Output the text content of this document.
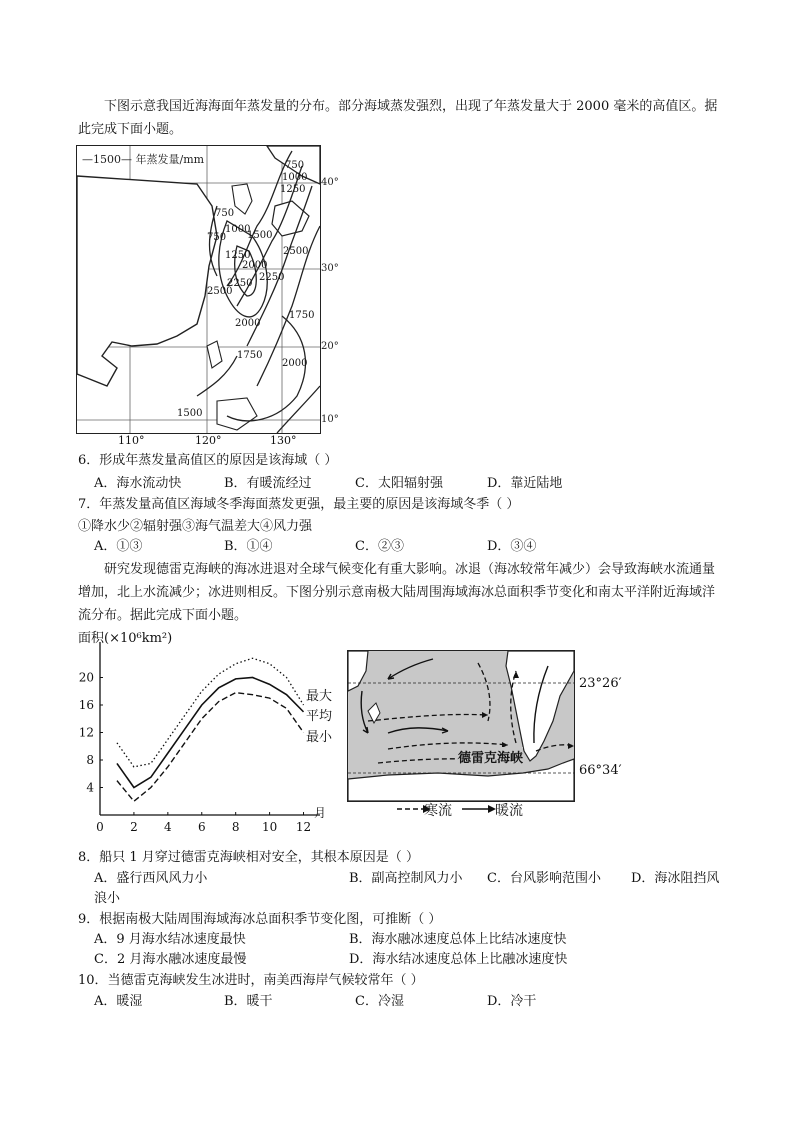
下图示意我国近海海面年蒸发量的分布。部分海域蒸发强烈，出现了年蒸发量大于 2000 毫米的高值区。据此完成下面小题。
—1500— 年蒸发量/mm
40°
30°
20°
10°
750
1000
1250
750
1000
750 1500
1250
2000
2250
2500
2250
2500
2000
1750
1750
2000
1500
110°	120°	130°
6．形成年蒸发量高值区的原因是该海域（ ）
A．海水流动快	B．有暖流经过	C．太阳辐射强	D．靠近陆地
7．年蒸发量高值区海域冬季海面蒸发更强，最主要的原因是该海域冬季（ ）
①降水少②辐射强③海气温差大④风力强
A．①③	B．①④	C．②③	D．③④
研究发现德雷克海峡的海冰进退对全球气候变化有重大影响。冰退（海冰较常年减少）会导致海峡水流通量增加，北上水流减少；冰进则相反。下图分别示意南极大陆周围海域海冰总面积季节变化和南太平洋附近海域洋流分布。据此完成下面小题。
面积(×10⁶km²)
0 2 4 6 8 10 12
4
8
12
16
20
最大
平均
最小
月
德雷克海峡
23°26′
66°34′
寒流	暖流
8．船只 1 月穿过德雷克海峡相对安全，其根本原因是（ ）
A．盛行西风风力小	B．副高控制风力小 C．台风影响范围小 D．海冰阻挡风
浪小
9．根据南极大陆周围海域海冰总面积季节变化图，可推断（ ）
A．9 月海水结冰速度最快	B．海水融冰速度总体上比结冰速度快
C．2 月海水融冰速度最慢	D．海水结冰速度总体上比融冰速度快
10．当德雷克海峡发生冰进时，南美西海岸气候较常年（ ）
A．暖湿	B．暖干	C．冷湿	D．冷干
